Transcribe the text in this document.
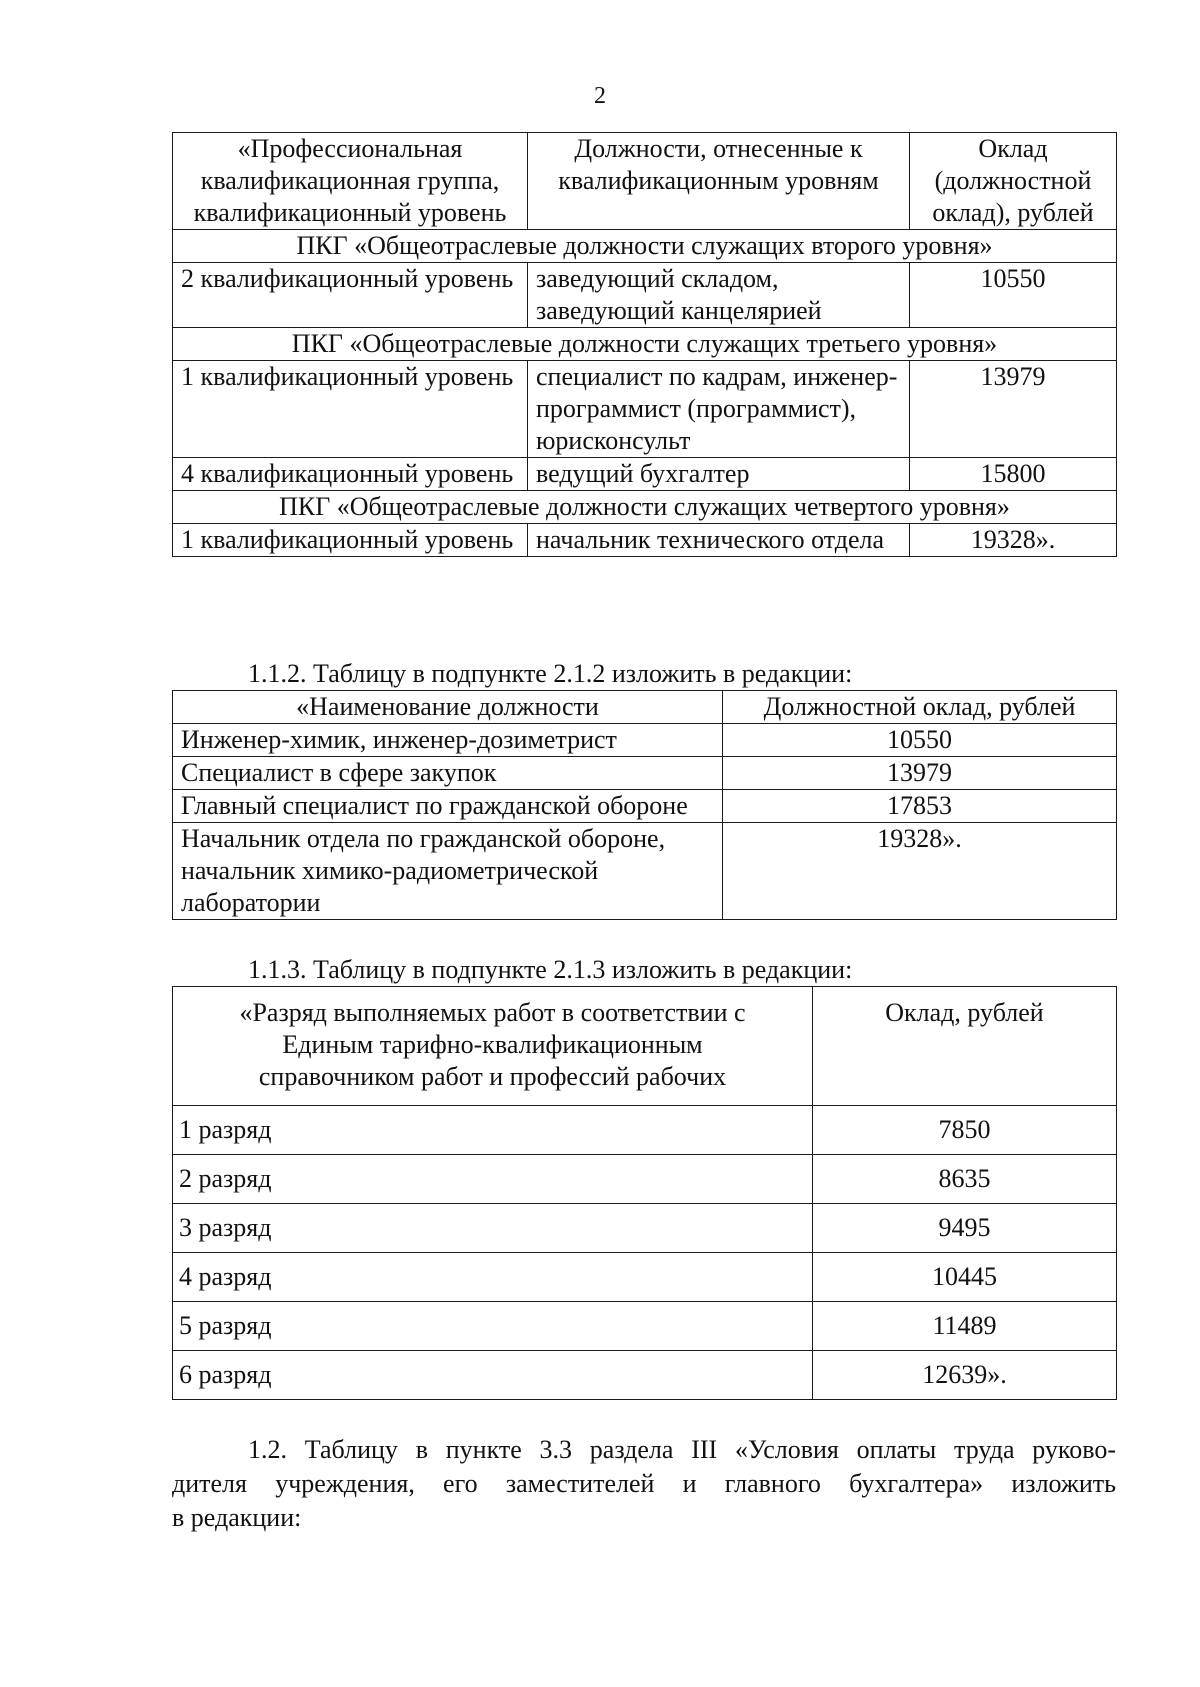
2
«Профессиональная квалификационная группа, квалификационный уровень	Должности, отнесенные к квалификационным уровням	Оклад (должностной оклад), рублей
ПКГ «Общеотраслевые должности служащих второго уровня»		
2 квалификационный уровень	заведующий складом, заведующий канцелярией	10550
ПКГ «Общеотраслевые должности служащих третьего уровня»		
1 квалификационный уровень	специалист по кадрам, инженер-программист (программист), юрисконсульт	13979
4 квалификационный уровень	ведущий бухгалтер	15800
ПКГ «Общеотраслевые должности служащих четвертого уровня»		
1 квалификационный уровень	начальник технического отдела	19328».
1.1.2. Таблицу в подпункте 2.1.2 изложить в редакции:
«Наименование должности	Должностной оклад, рублей
Инженер-химик, инженер-дозиметрист	10550
Специалист в сфере закупок	13979
Главный специалист по гражданской обороне	17853
Начальник отдела по гражданской обороне, начальник химико-радиометрической лаборатории	19328».
1.1.3. Таблицу в подпункте 2.1.3 изложить в редакции:
«Разряд выполняемых работ в соответствии с Единым тарифно-квалификационным справочником работ и профессий рабочих	Оклад, рублей
1 разряд	7850
2 разряд	8635
3 разряд	9495
4 разряд	10445
5 разряд	11489
6 разряд	12639».
1.2. Таблицу в пункте 3.3 раздела III «Условия оплаты труда руково-
дителя учреждения, его заместителей и главного бухгалтера» изложить
в редакции:
